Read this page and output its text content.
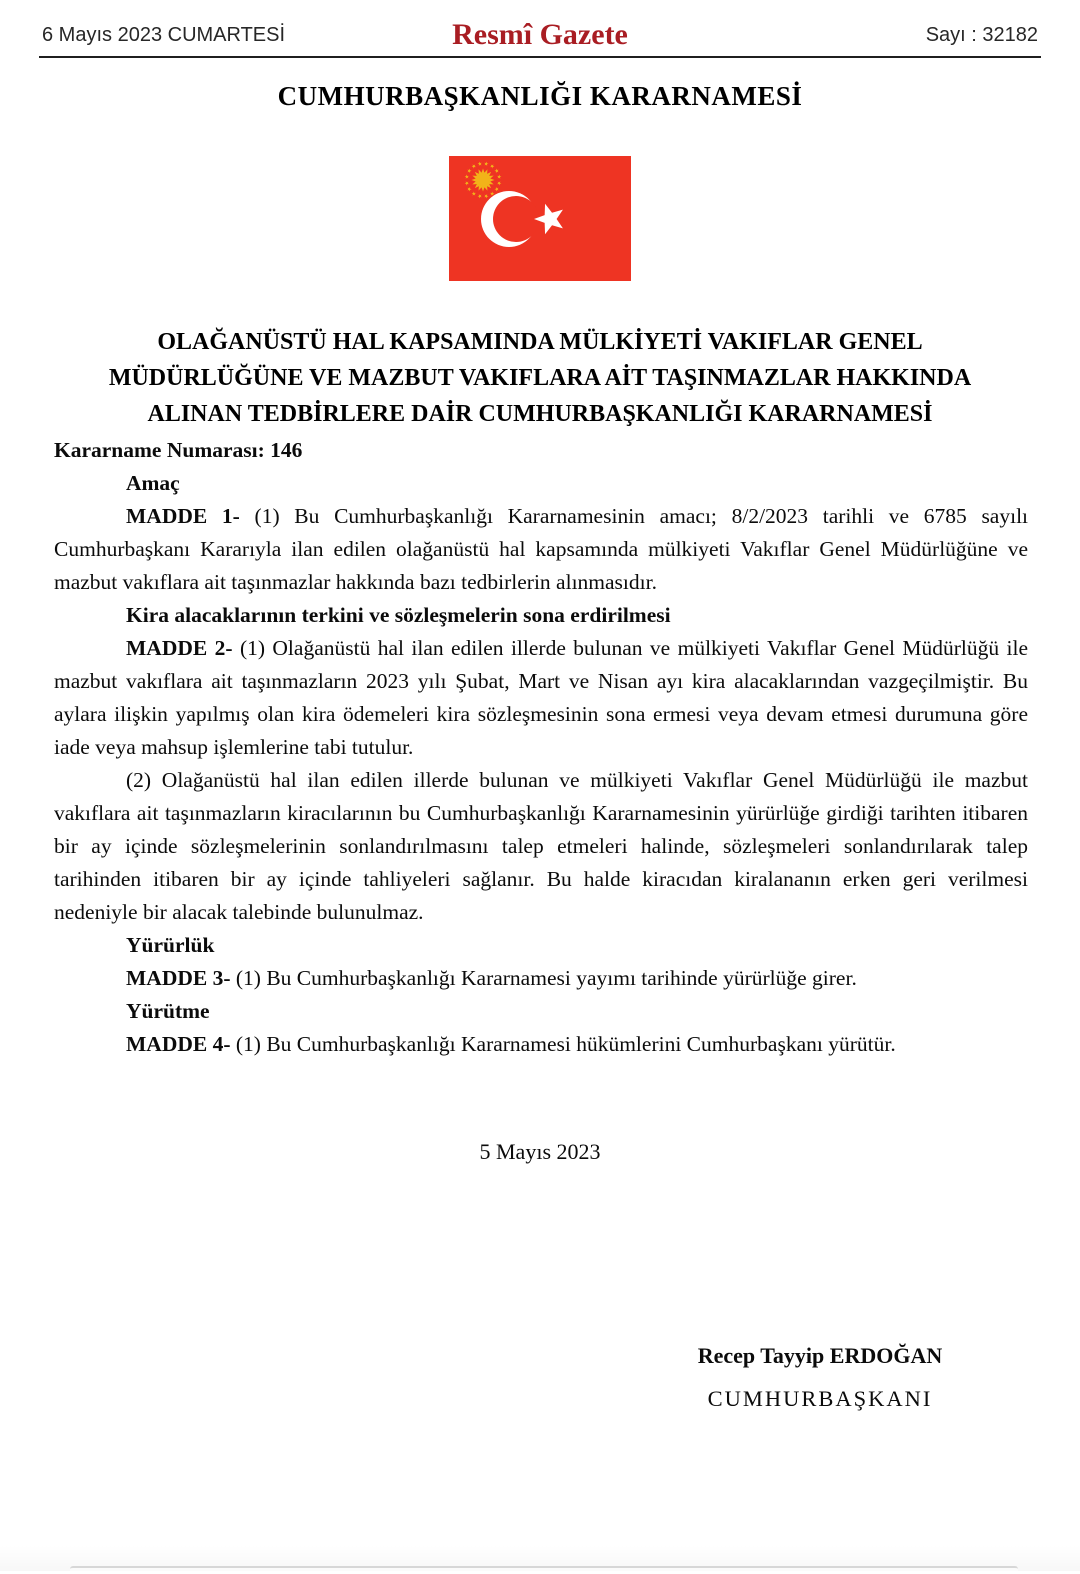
6 Mayıs 2023 CUMARTESİ	Resmî Gazete	Sayı : 32182
CUMHURBAŞKANLIĞI KARARNAMESİ
OLAĞANÜSTÜ HAL KAPSAMINDA MÜLKİYETİ VAKIFLAR GENEL
MÜDÜRLÜĞÜNE VE MAZBUT VAKIFLARA AİT TAŞINMAZLAR HAKKINDA
ALINAN TEDBİRLERE DAİR CUMHURBAŞKANLIĞI KARARNAMESİ
Kararname Numarası: 146
Amaç

MADDE 1- (1) Bu Cumhurbaşkanlığı Kararnamesinin amacı; 8/2/2023 tarihli ve 6785 sayılı Cumhurbaşkanı Kararıyla ilan edilen olağanüstü hal kapsamında mülkiyeti Vakıflar Genel Müdürlüğüne ve mazbut vakıflara ait taşınmazlar hakkında bazı tedbirlerin alınmasıdır.

Kira alacaklarının terkini ve sözleşmelerin sona erdirilmesi

MADDE 2- (1) Olağanüstü hal ilan edilen illerde bulunan ve mülkiyeti Vakıflar Genel Müdürlüğü ile mazbut vakıflara ait taşınmazların 2023 yılı Şubat, Mart ve Nisan ayı kira alacaklarından vazgeçilmiştir. Bu aylara ilişkin yapılmış olan kira ödemeleri kira sözleşmesinin sona ermesi veya devam etmesi durumuna göre iade veya mahsup işlemlerine tabi tutulur.

(2) Olağanüstü hal ilan edilen illerde bulunan ve mülkiyeti Vakıflar Genel Müdürlüğü ile mazbut vakıflara ait taşınmazların kiracılarının bu Cumhurbaşkanlığı Kararnamesinin yürürlüğe girdiği tarihten itibaren bir ay içinde sözleşmelerinin sonlandırılmasını talep etmeleri halinde, sözleşmeleri sonlandırılarak talep tarihinden itibaren bir ay içinde tahliyeleri sağlanır. Bu halde kiracıdan kiralananın erken geri verilmesi nedeniyle bir alacak talebinde bulunulmaz.

Yürürlük

MADDE 3- (1) Bu Cumhurbaşkanlığı Kararnamesi yayımı tarihinde yürürlüğe girer.

Yürütme

MADDE 4- (1) Bu Cumhurbaşkanlığı Kararnamesi hükümlerini Cumhurbaşkanı yürütür.

5 Mayıs 2023
Recep Tayyip ERDOĞAN
CUMHURBAŞKANI
